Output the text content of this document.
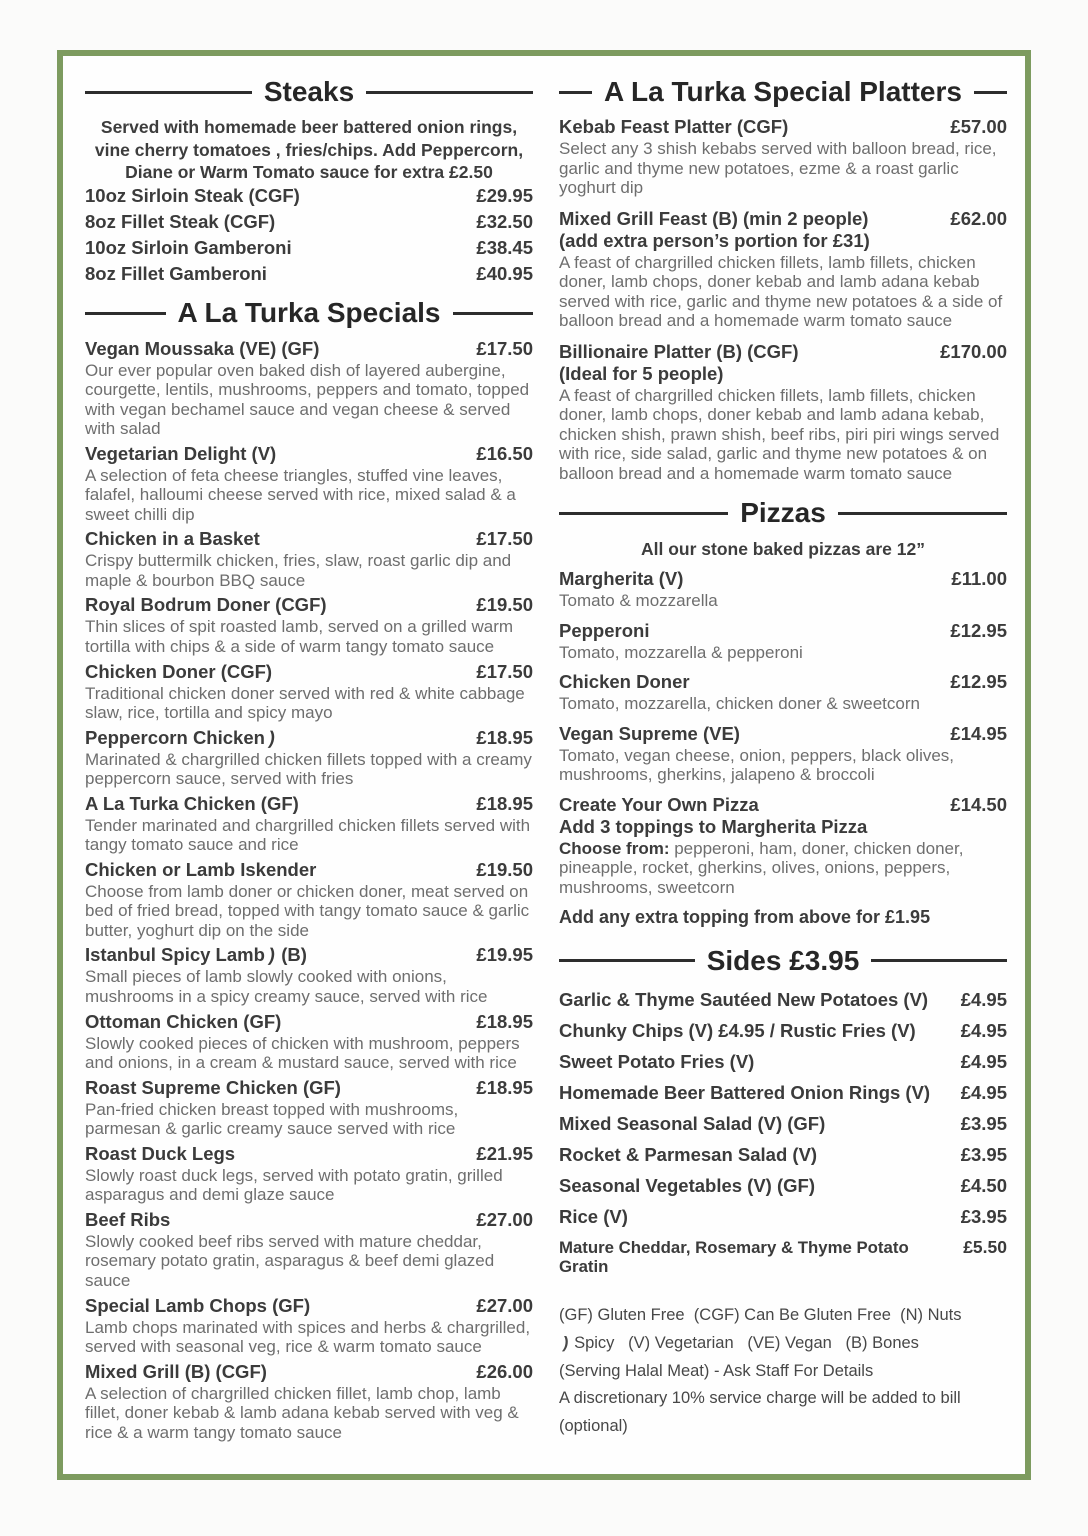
Steaks
Served with homemade beer battered onion rings,
vine cherry tomatoes , fries/chips. Add Peppercorn,
Diane or Warm Tomato sauce for extra £2.50
10oz Sirloin Steak (CGF)	£29.95
8oz Fillet Steak (CGF)	£32.50
10oz Sirloin Gamberoni	£38.45
8oz Fillet Gamberoni	£40.95
A La Turka Specials
Vegan Moussaka (VE) (GF)	£17.50
Our ever popular oven baked dish of layered aubergine, courgette, lentils, mushrooms, peppers and tomato, topped with vegan bechamel sauce and vegan cheese & served with salad
Vegetarian Delight (V)	£16.50
A selection of feta cheese triangles, stuffed vine leaves, falafel, halloumi cheese served with rice, mixed salad & a sweet chilli dip
Chicken in a Basket	£17.50
Crispy buttermilk chicken, fries, slaw, roast garlic dip and maple & bourbon BBQ sauce
Royal Bodrum Doner (CGF)	£19.50
Thin slices of spit roasted lamb, served on a grilled warm tortilla with chips & a side of warm tangy tomato sauce
Chicken Doner (CGF)	£17.50
Traditional chicken doner served with red & white cabbage slaw, rice, tortilla and spicy mayo
Peppercorn Chicken )	£18.95
Marinated & chargrilled chicken fillets topped with a creamy peppercorn sauce, served with fries
A La Turka Chicken (GF)	£18.95
Tender marinated and chargrilled chicken fillets served with tangy tomato sauce and rice
Chicken or Lamb Iskender	£19.50
Choose from lamb doner or chicken doner, meat served on bed of fried bread, topped with tangy tomato sauce & garlic butter, yoghurt dip on the side
Istanbul Spicy Lamb ) (B)	£19.95
Small pieces of lamb slowly cooked with onions, mushrooms in a spicy creamy sauce, served with rice
Ottoman Chicken (GF)	£18.95
Slowly cooked pieces of chicken with mushroom, peppers and onions, in a cream & mustard sauce, served with rice
Roast Supreme Chicken (GF)	£18.95
Pan-fried chicken breast topped with mushrooms, parmesan & garlic creamy sauce served with rice
Roast Duck Legs	£21.95
Slowly roast duck legs, served with potato gratin, grilled asparagus and demi glaze sauce
Beef Ribs	£27.00
Slowly cooked beef ribs served with mature cheddar, rosemary potato gratin, asparagus & beef demi glazed sauce
Special Lamb Chops (GF)	£27.00
Lamb chops marinated with spices and herbs & chargrilled, served with seasonal veg, rice & warm tomato sauce
Mixed Grill (B) (CGF)	£26.00
A selection of chargrilled chicken fillet, lamb chop, lamb fillet, doner kebab & lamb adana kebab served with veg & rice & a warm tangy tomato sauce
A La Turka Special Platters
Kebab Feast Platter (CGF)	£57.00
Select any 3 shish kebabs served with balloon bread, rice, garlic and thyme new potatoes, ezme & a roast garlic yoghurt dip
Mixed Grill Feast (B) (min 2 people)	£62.00
(add extra person’s portion for £31)
A feast of chargrilled chicken fillets, lamb fillets, chicken doner, lamb chops, doner kebab and lamb adana kebab served with rice, garlic and thyme new potatoes & a side of balloon bread and a homemade warm tomato sauce
Billionaire Platter (B) (CGF)	£170.00
(Ideal for 5 people)
A feast of chargrilled chicken fillets, lamb fillets, chicken doner, lamb chops, doner kebab and lamb adana kebab, chicken shish, prawn shish, beef ribs, piri piri wings served with rice, side salad, garlic and thyme new potatoes & on balloon bread and a homemade warm tomato sauce
Pizzas
All our stone baked pizzas are 12”
Margherita (V)	£11.00
Tomato & mozzarella
Pepperoni	£12.95
Tomato, mozzarella & pepperoni
Chicken Doner	£12.95
Tomato, mozzarella, chicken doner & sweetcorn
Vegan Supreme (VE)	£14.95
Tomato, vegan cheese, onion, peppers, black olives, mushrooms, gherkins, jalapeno & broccoli
Create Your Own Pizza	£14.50
Add 3 toppings to Margherita Pizza
Choose from: pepperoni, ham, doner, chicken doner, pineapple, rocket, gherkins, olives, onions, peppers, mushrooms, sweetcorn
Add any extra topping from above for £1.95
Sides £3.95
Garlic & Thyme Sautéed New Potatoes (V)	£4.95
Chunky Chips (V) £4.95 / Rustic Fries (V)	£4.95
Sweet Potato Fries (V)	£4.95
Homemade Beer Battered Onion Rings (V)	£4.95
Mixed Seasonal Salad (V) (GF)	£3.95
Rocket & Parmesan Salad (V)	£3.95
Seasonal Vegetables (V) (GF)	£4.50
Rice (V)	£3.95
Mature Cheddar, Rosemary & Thyme Potato Gratin
£5.50
(GF) Gluten Free  (CGF) Can Be Gluten Free  (N) Nuts
) Spicy   (V) Vegetarian   (VE) Vegan   (B) Bones
(Serving Halal Meat) - Ask Staff For Details
A discretionary 10% service charge will be added to bill (optional)
